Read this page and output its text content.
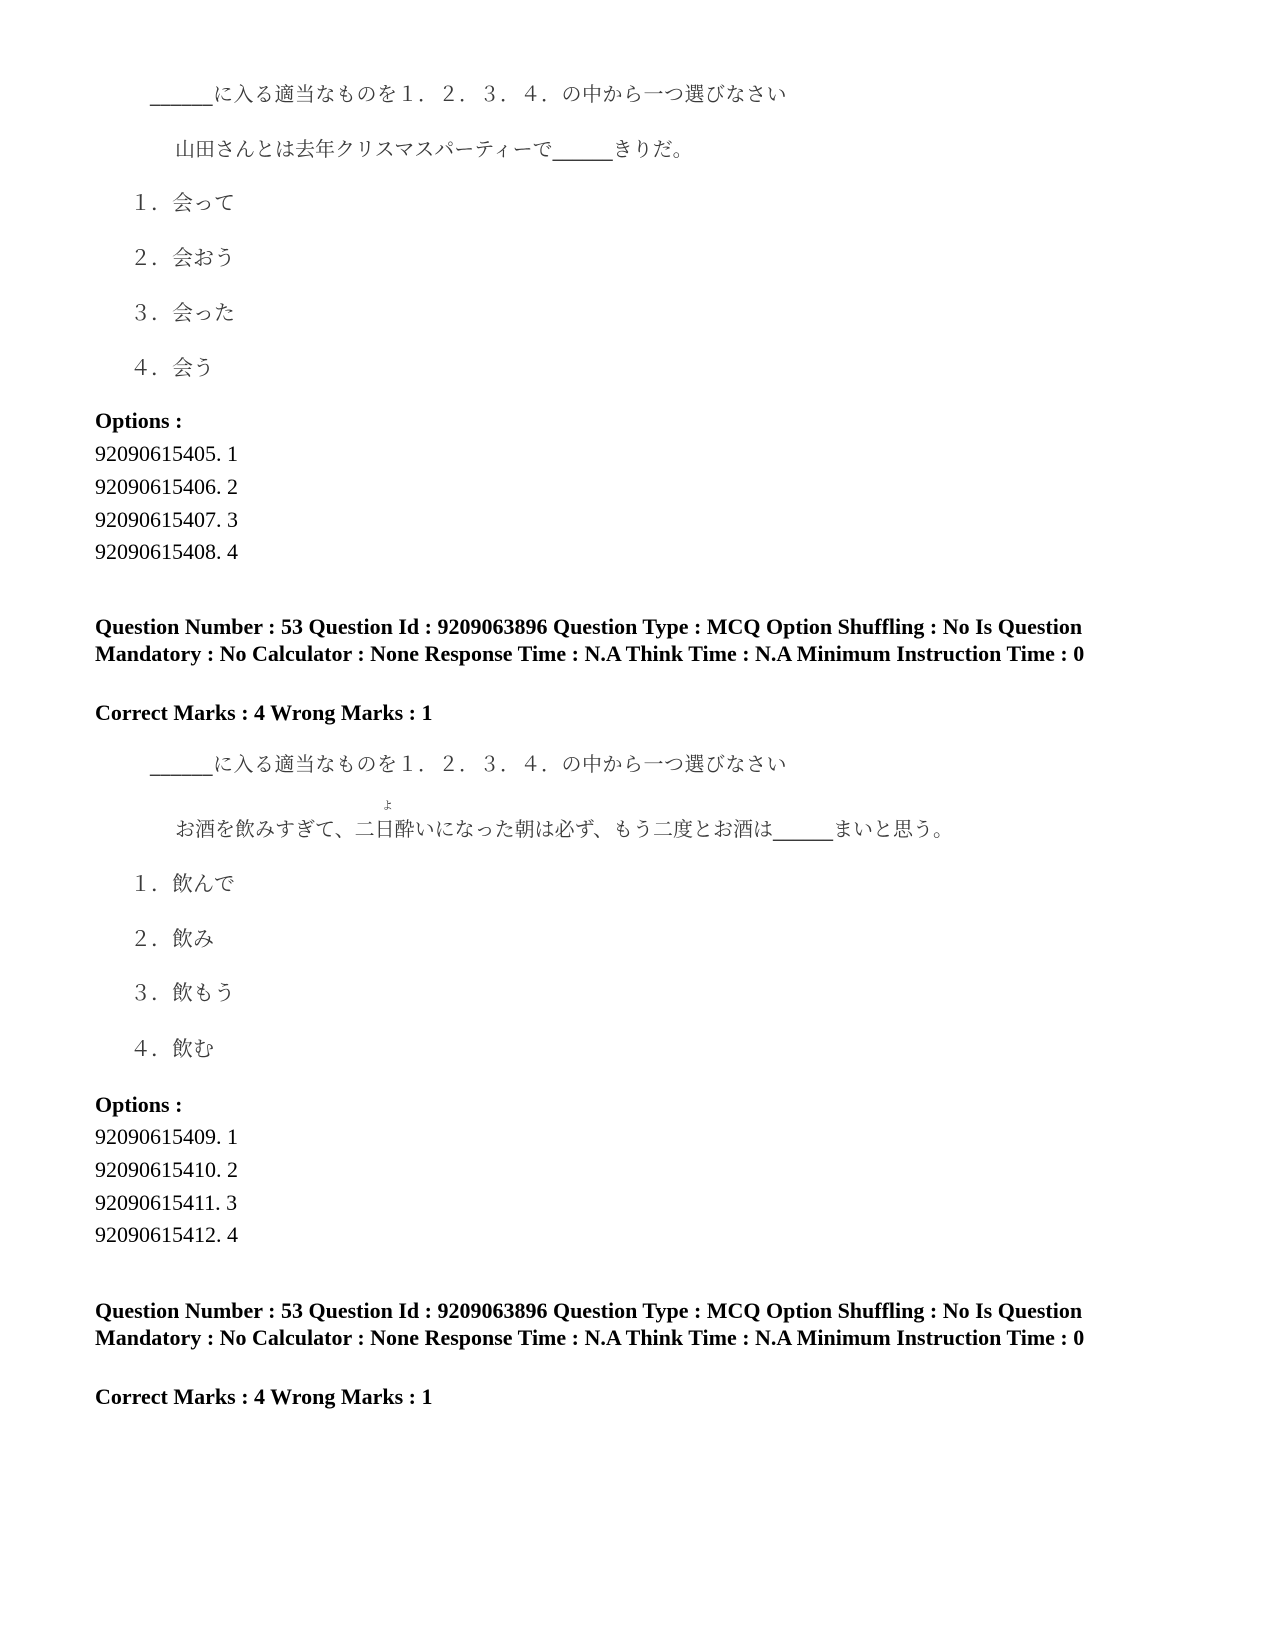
______に入る適当なものを１．２．３．４．の中から一つ選びなさい
山田さんとは去年クリスマスパーティーで______きりだ。
１．会って
２．会おう
３．会った
４．会う
Options :
92090615405. 1
92090615406. 2
92090615407. 3
92090615408. 4
Question Number : 53 Question Id : 9209063896 Question Type : MCQ Option Shuffling : No Is Question Mandatory : No Calculator : None Response Time : N.A Think Time : N.A Minimum Instruction Time : 0
Correct Marks : 4 Wrong Marks : 1
______に入る適当なものを１．２．３．４．の中から一つ選びなさい
よ
お酒を飲みすぎて、二日酔いになった朝は必ず、もう二度とお酒は______まいと思う。
１．飲んで
２．飲み
３．飲もう
４．飲む
Options :
92090615409. 1
92090615410. 2
92090615411. 3
92090615412. 4
Question Number : 53 Question Id : 9209063896 Question Type : MCQ Option Shuffling : No Is Question Mandatory : No Calculator : None Response Time : N.A Think Time : N.A Minimum Instruction Time : 0
Correct Marks : 4 Wrong Marks : 1
